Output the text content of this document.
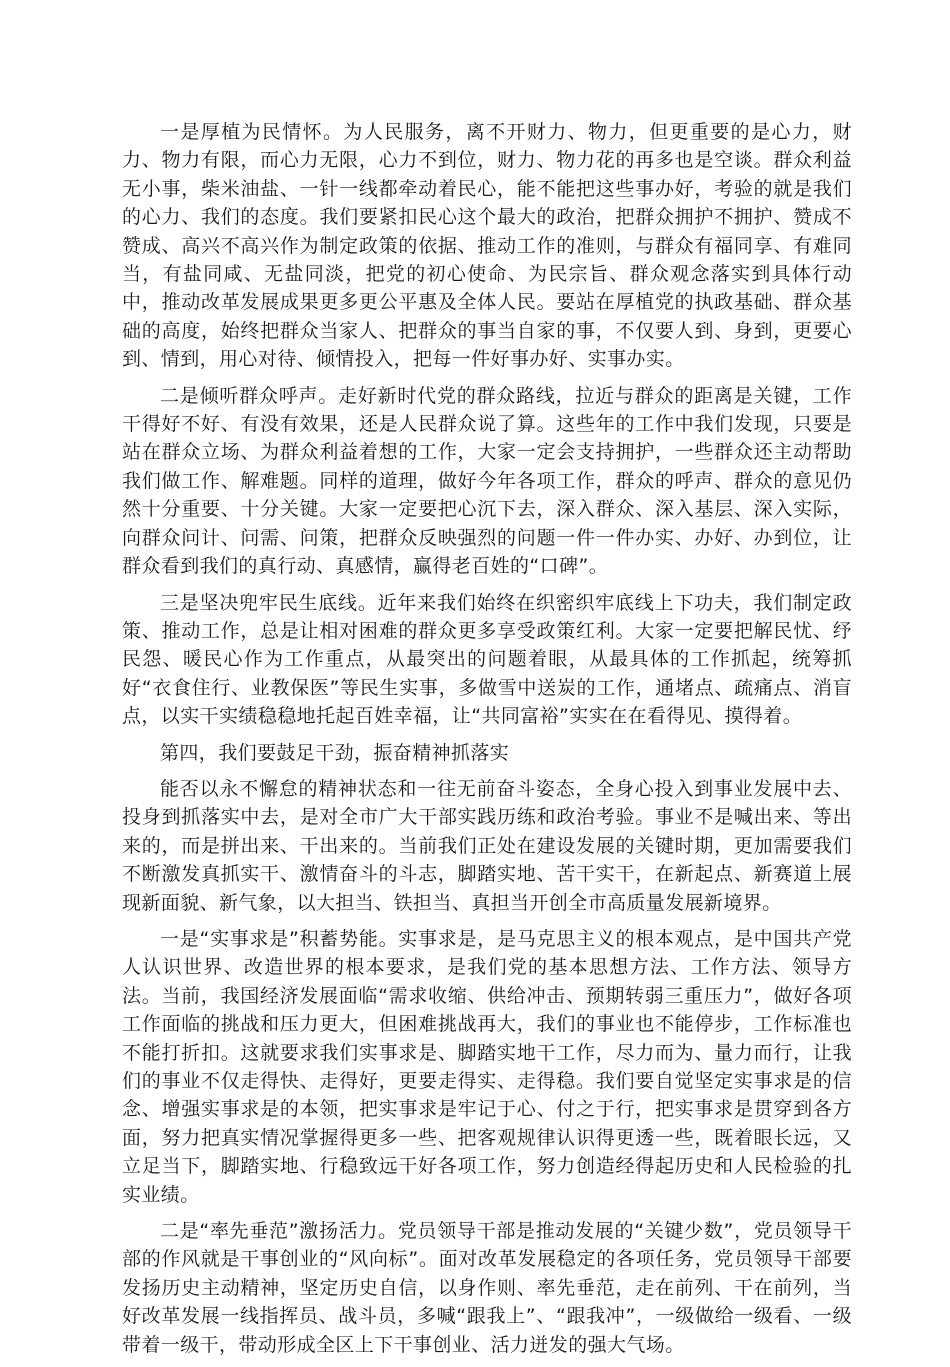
一是厚植为民情怀。为人民服务，离不开财力、物力，但更重要的是心力，财力、物力有限，而心力无限，心力不到位，财力、物力花的再多也是空谈。群众利益无小事，柴米油盐、一针一线都牵动着民心，能不能把这些事办好，考验的就是我们的心力、我们的态度。我们要紧扣民心这个最大的政治，把群众拥护不拥护、赞成不赞成、高兴不高兴作为制定政策的依据、推动工作的准则，与群众有福同享、有难同当，有盐同咸、无盐同淡，把党的初心使命、为民宗旨、群众观念落实到具体行动中，推动改革发展成果更多更公平惠及全体人民。要站在厚植党的执政基础、群众基础的高度，始终把群众当家人、把群众的事当自家的事，不仅要人到、身到，更要心到、情到，用心对待、倾情投入，把每一件好事办好、实事办实。

二是倾听群众呼声。走好新时代党的群众路线，拉近与群众的距离是关键，工作干得好不好、有没有效果，还是人民群众说了算。这些年的工作中我们发现，只要是站在群众立场、为群众利益着想的工作，大家一定会支持拥护，一些群众还主动帮助我们做工作、解难题。同样的道理，做好今年各项工作，群众的呼声、群众的意见仍然十分重要、十分关键。大家一定要把心沉下去，深入群众、深入基层、深入实际，向群众问计、问需、问策，把群众反映强烈的问题一件一件办实、办好、办到位，让群众看到我们的真行动、真感情，赢得老百姓的“口碑”。

三是坚决兜牢民生底线。近年来我们始终在织密织牢底线上下功夫，我们制定政策、推动工作，总是让相对困难的群众更多享受政策红利。大家一定要把解民忧、纾民怨、暖民心作为工作重点，从最突出的问题着眼，从最具体的工作抓起，统筹抓好“衣食住行、业教保医”等民生实事，多做雪中送炭的工作，通堵点、疏痛点、消盲点，以实干实绩稳稳地托起百姓幸福，让“共同富裕”实实在在看得见、摸得着。

第四，我们要鼓足干劲，振奋精神抓落实

能否以永不懈怠的精神状态和一往无前奋斗姿态，全身心投入到事业发展中去、投身到抓落实中去，是对全市广大干部实践历练和政治考验。事业不是喊出来、等出来的，而是拼出来、干出来的。当前我们正处在建设发展的关键时期，更加需要我们不断激发真抓实干、激情奋斗的斗志，脚踏实地、苦干实干，在新起点、新赛道上展现新面貌、新气象，以大担当、铁担当、真担当开创全市高质量发展新境界。

一是“实事求是”积蓄势能。实事求是，是马克思主义的根本观点，是中国共产党人认识世界、改造世界的根本要求，是我们党的基本思想方法、工作方法、领导方法。当前，我国经济发展面临“需求收缩、供给冲击、预期转弱三重压力”，做好各项工作面临的挑战和压力更大，但困难挑战再大，我们的事业也不能停步，工作标准也不能打折扣。这就要求我们实事求是、脚踏实地干工作，尽力而为、量力而行，让我们的事业不仅走得快、走得好，更要走得实、走得稳。我们要自觉坚定实事求是的信念、增强实事求是的本领，把实事求是牢记于心、付之于行，把实事求是贯穿到各方面，努力把真实情况掌握得更多一些、把客观规律认识得更透一些，既着眼长远，又立足当下，脚踏实地、行稳致远干好各项工作，努力创造经得起历史和人民检验的扎实业绩。

二是“率先垂范”激扬活力。党员领导干部是推动发展的“关键少数”，党员领导干部的作风就是干事创业的“风向标”。面对改革发展稳定的各项任务，党员领导干部要发扬历史主动精神，坚定历史自信，以身作则、率先垂范，走在前列、干在前列，当好改革发展一线指挥员、战斗员，多喊“跟我上”、“跟我冲”，一级做给一级看、一级带着一级干，带动形成全区上下干事创业、活力迸发的强大气场。
